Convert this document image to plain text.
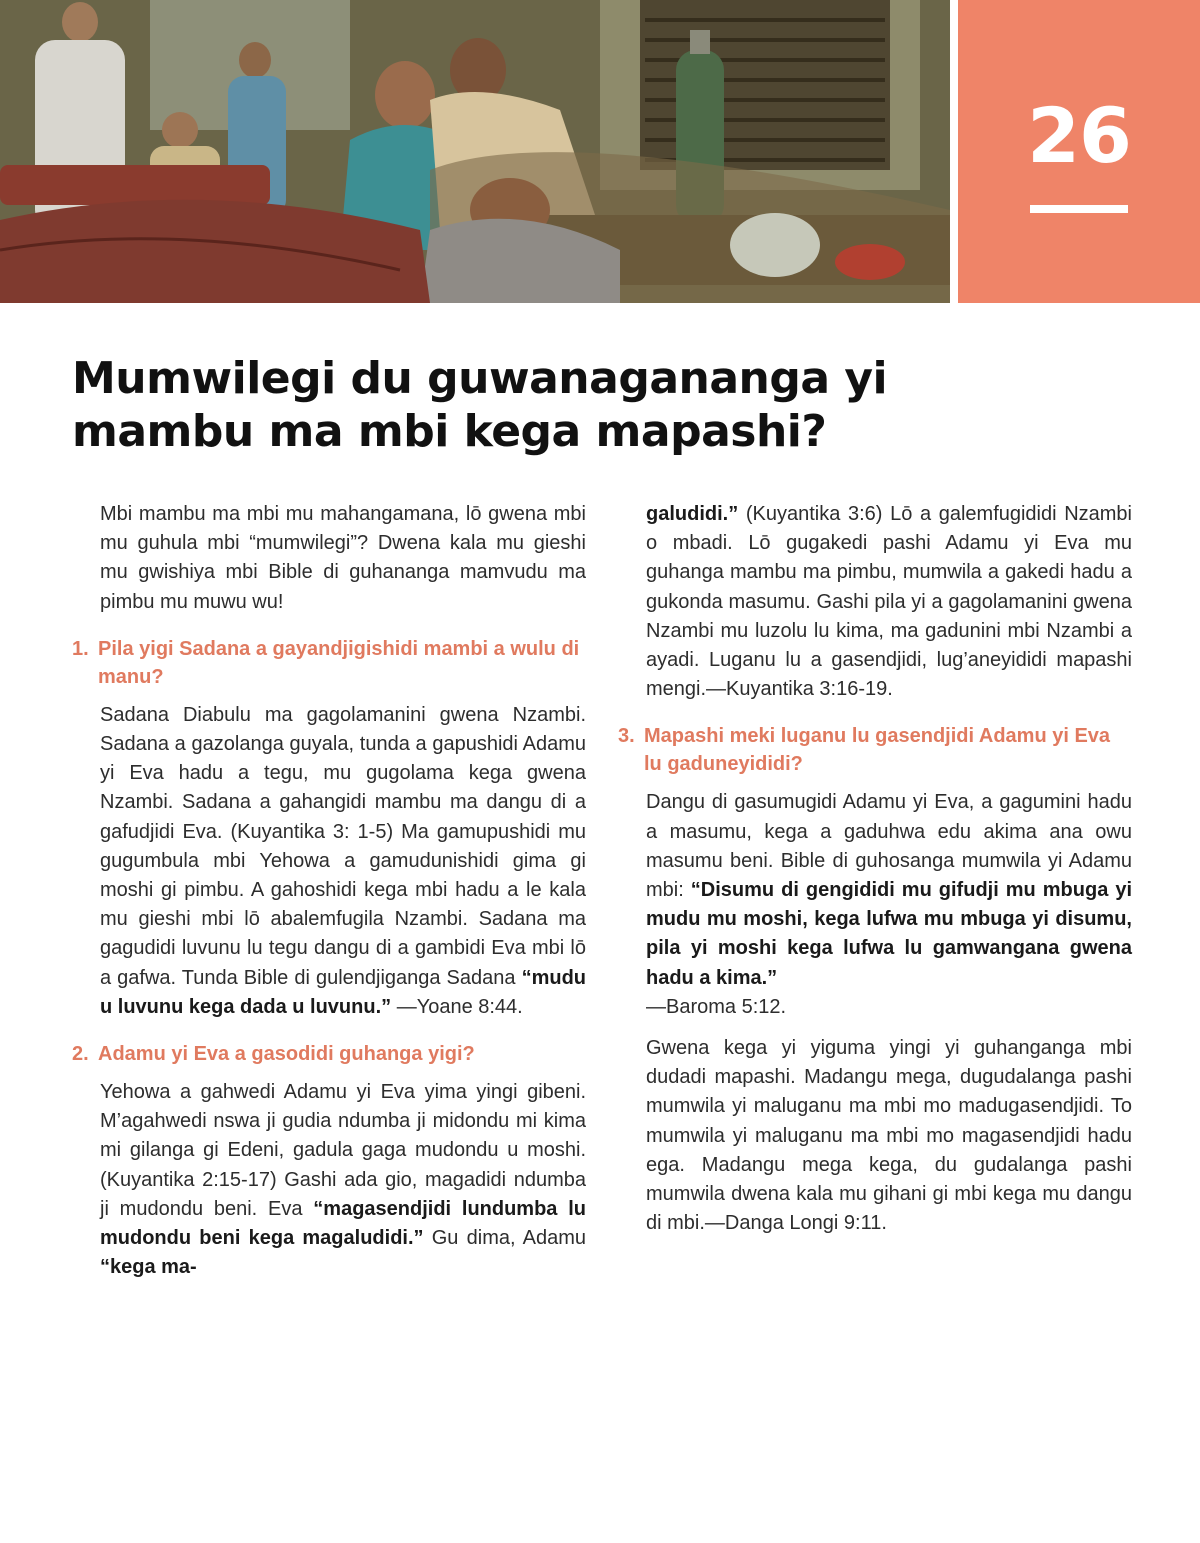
26
Mumwilegi du guwanagananga yi mambu ma mbi kega mapashi?

Mbi mambu ma mbi mu mahangamana, lō gwena mbi mu guhula mbi “mumwilegi”? Dwena kala mu gieshi mu gwishiya mbi Bible di guhananga mamvudu ma pimbu mu muwu wu!

1. Pila yigi Sadana a gayandjigishidi mambi a wulu di manu?

Sadana Diabulu ma gagolamanini gwena Nzambi. Sadana a gazolanga guyala, tunda a gapushidi Adamu yi Eva hadu a tegu, mu gugolama kega gwena Nzambi. Sadana a gahangidi mambu ma dangu di a gafudjidi Eva. (Kuyantika 3: 1-5) Ma gamupushidi mu gugumbula mbi Yehowa a gamudunishidi gima gi moshi gi pimbu. A gahoshidi kega mbi hadu a le kala mu gieshi mbi lō abalemfugila Nzambi. Sadana ma gagudidi luvunu lu tegu dangu di a gambidi Eva mbi lō a gafwa. Tunda Bible di gulendjiganga Sadana “mudu u luvunu kega dada u luvunu.” —Yoane 8:44.

2. Adamu yi Eva a gasodidi guhanga yigi?

Yehowa a gahwedi Adamu yi Eva yima yingi gibeni. M’agahwedi nswa ji gudia ndumba ji midondu mi kima mi gilanga gi Edeni, gadula gaga mudondu u moshi. (Kuyantika 2:15-17) Gashi ada gio, magadidi ndumba ji mudondu beni. Eva “magasendjidi lundumba lu mudondu beni kega magaludidi.” Gu dima, Adamu “kega ma-

galudidi.” (Kuyantika 3:6) Lō a galemfugididi Nzambi o mbadi. Lō gugakedi pashi Adamu yi Eva mu guhanga mambu ma pimbu, mumwila a gakedi hadu a gukonda masumu. Gashi pila yi a gagolamanini gwena Nzambi mu luzolu lu kima, ma gadunini mbi Nzambi a ayadi. Luganu lu a gasendjidi, lug’aneyididi mapashi mengi.—Kuyantika 3:16-19.

3. Mapashi meki luganu lu gasendjidi Adamu yi Eva lu gaduneyididi?

Dangu di gasumugidi Adamu yi Eva, a gagumini hadu a masumu, kega a gaduhwa edu akima ana owu masumu beni. Bible di guhosanga mumwila yi Adamu mbi: “Disumu di gengididi mu gifudji mu mbuga yi mudu mu moshi, kega lufwa mu mbuga yi disumu, pila yi moshi kega lufwa lu gamwangana gwena hadu a kima.”
—Baroma 5:12.

Gwena kega yi yiguma yingi yi guhanganga mbi dudadi mapashi. Madangu mega, dugudalanga pashi mumwila yi maluganu ma mbi mo madugasendjidi. To mumwila yi maluganu ma mbi mo magasendjidi hadu ega. Madangu mega kega, du gudalanga pashi mumwila dwena kala mu gihani gi mbi kega mu dangu di mbi.—Danga Longi 9:11.
